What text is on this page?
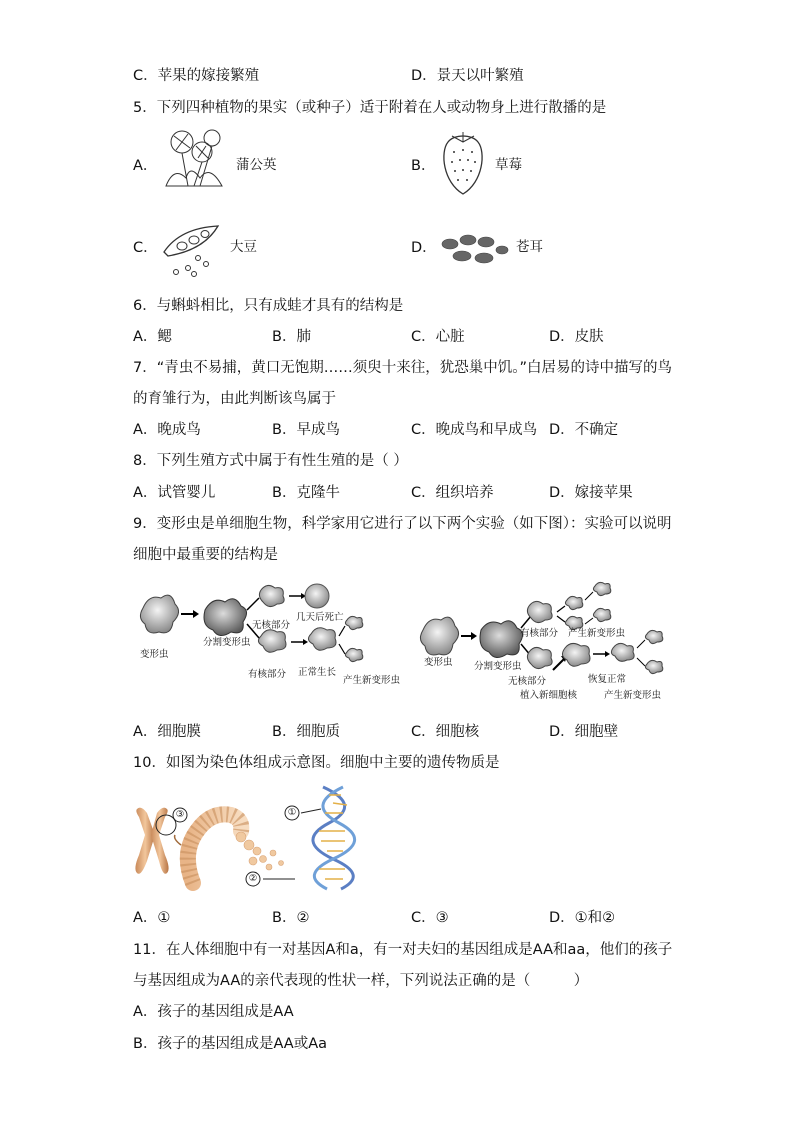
C．苹果的嫁接繁殖	D．景天以叶繁殖
5．下列四种植物的果实（或种子）适于附着在人或动物身上进行散播的是
A．	蒲公英	B．	草莓
C．	大豆	D．	苍耳
6．与蝌蚪相比，只有成蛙才具有的结构是
A．鳃	B．肺	C．心脏	D．皮肤
7．“青虫不易捕，黄口无饱期……须臾十来往，犹恐巢中饥。”白居易的诗中描写的鸟
的育雏行为，由此判断该鸟属于
A．晚成鸟	B．早成鸟	C．晚成鸟和早成鸟 D．不确定
8．下列生殖方式中属于有性生殖的是（ ）
A．试管婴儿	B．克隆牛	C．组织培养	D．嫁接苹果
9．变形虫是单细胞生物，科学家用它进行了以下两个实验（如下图）：实验可以说明
细胞中最重要的结构是
变形虫
分割变形虫
无核部分
几天后死亡
有核部分 正常生长
产生新变形虫
变形虫 分割变形虫
有核部分 产生新变形虫
无核部分	恢复正常
植入新细胞核	产生新变形虫
A．细胞膜	B．细胞质	C．细胞核	D．细胞壁
10．如图为染色体组成示意图。细胞中主要的遗传物质是
①
②
③
A．①	B．②	C．③	D．①和②
11．在人体细胞中有一对基因A和a，有一对夫妇的基因组成是AA和aa，他们的孩子
与基因组成为AA的亲代表现的性状一样，下列说法正确的是（　　　）
A．孩子的基因组成是AA
B．孩子的基因组成是AA或Aa
